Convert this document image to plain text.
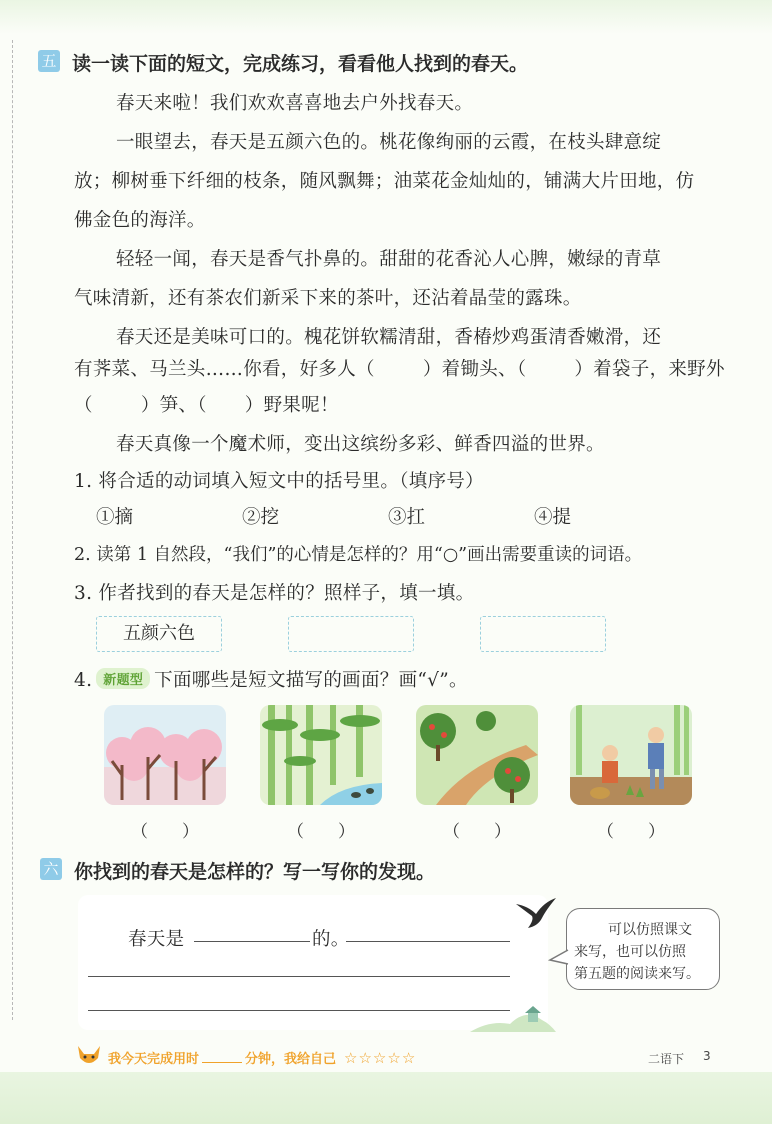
五 读一读下面的短文，完成练习，看看他人找到的春天。
春天来啦！我们欢欢喜喜地去户外找春天。
一眼望去，春天是五颜六色的。桃花像绚丽的云霞，在枝头肆意绽
放；柳树垂下纤细的枝条，随风飘舞；油菜花金灿灿的，铺满大片田地，仿
佛金色的海洋。
轻轻一闻，春天是香气扑鼻的。甜甜的花香沁人心脾，嫩绿的青草
气味清新，还有茶农们新采下来的茶叶，还沾着晶莹的露珠。
春天还是美味可口的。槐花饼软糯清甜，香椿炒鸡蛋清香嫩滑，还
有荠菜、马兰头……你看，好多人（	）着锄头、（	）着袋子，来野外
（	）笋、（ ）野果呢！
春天真像一个魔术师，变出这缤纷多彩、鲜香四溢的世界。
1. 将合适的动词填入短文中的括号里。（填序号）
①摘	②挖	③扛	④提
2. 读第 1 自然段，“我们”的心情是怎样的？用“○”画出需要重读的词语。
3. 作者找到的春天是怎样的？照样子，填一填。
五颜六色
4. 新题型 下面哪些是短文描写的画面？画“√”。
（　　）	（　　）	（　　）	（　　）
六 你找到的春天是怎样的？写一写你的发现。
春天是	的。	可以仿照课文
来写，也可以仿照
第五题的阅读来写。
我今天完成用时	分钟，我给自己 ☆☆☆☆☆	二语下 3
